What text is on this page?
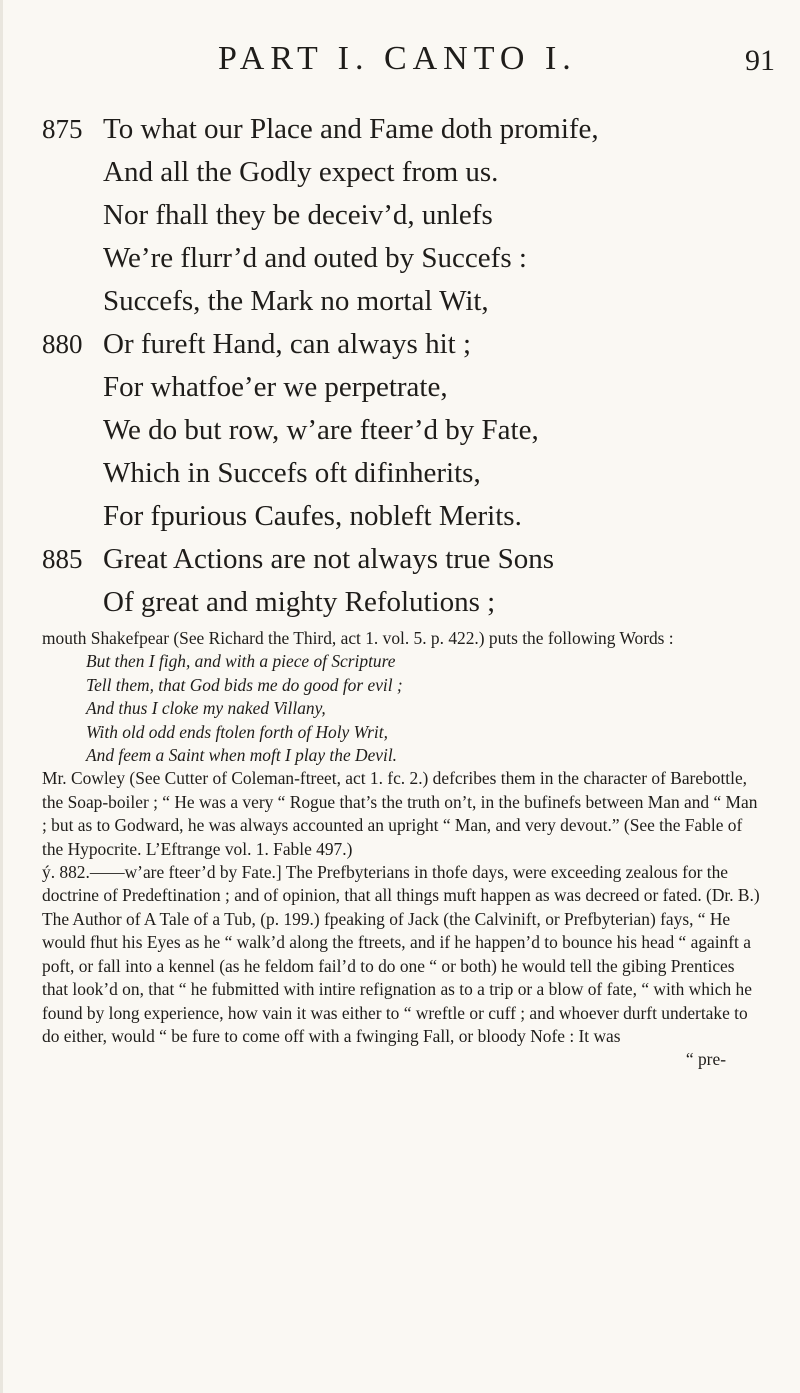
PART I. CANTO I.	91
875 To what our Place and Fame doth promife,
And all the Godly expect from us.
Nor fhall they be deceiv’d, unlefs
We’re flurr’d and outed by Succefs :
Succefs, the Mark no mortal Wit,
880 Or fureft Hand, can always hit ;
For whatfoe’er we perpetrate,
We do but row, w’are fteer’d by Fate,
Which in Succefs oft difinherits,
For fpurious Caufes, nobleft Merits.
885 Great Actions are not always true Sons
Of great and mighty Refolutions ;

mouth Shakefpear (See Richard the Third, act 1. vol. 5. p. 422.) puts the following Words :

But then I figh, and with a piece of Scripture
Tell them, that God bids me do good for evil ;
And thus I cloke my naked Villany,
With old odd ends ftolen forth of Holy Writ,
And feem a Saint when moft I play the Devil.

Mr. Cowley (See Cutter of Coleman-ftreet, act 1. fc. 2.) defcribes them in the character of Barebottle, the Soap-boiler ; “ He was a very “ Rogue that’s the truth on’t, in the bufinefs between Man and “ Man ; but as to Godward, he was always accounted an upright “ Man, and very devout.” (See the Fable of the Hypocrite. L’Eftrange vol. 1. Fable 497.)

ý. 882.——w’are fteer’d by Fate.] The Prefbyterians in thofe days, were exceeding zealous for the doctrine of Predeftination ; and of opinion, that all things muft happen as was decreed or fated. (Dr. B.) The Author of A Tale of a Tub, (p. 199.) fpeaking of Jack (the Calvinift, or Prefbyterian) fays, “ He would fhut his Eyes as he “ walk’d along the ftreets, and if he happen’d to bounce his head “ againft a poft, or fall into a kennel (as he feldom fail’d to do one “ or both) he would tell the gibing Prentices that look’d on, that “ he fubmitted with intire refignation as to a trip or a blow of fate, “ with which he found by long experience, how vain it was either to “ wreftle or cuff ; and whoever durft undertake to do either, would “ be fure to come off with a fwinging Fall, or bloody Nofe : It was

“ pre-
